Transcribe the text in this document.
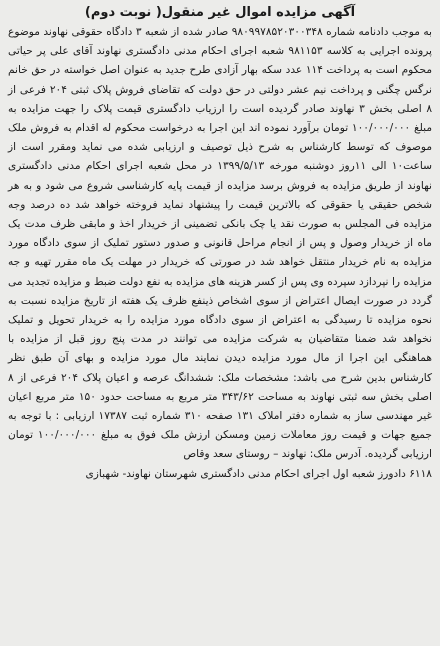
آگهی مزایده اموال غیر منقول( نوبت دوم)

به موجب دادنامه شماره ۹۸۰۹۹۷۸۵۲۰۳۰۰۳۴۸ صادر شده از شعبه ۳ دادگاه حقوقی نهاوند موضوع پرونده اجرایی به کلاسه ۹۸۱۱۵۳ شعبه اجرای احکام مدنی دادگستری نهاوند آقای علی پر حیاتی محکوم است به پرداخت ۱۱۴ عدد سکه بهار آزادی طرح جدید به عنوان اصل خواسته در حق خانم نرگس چگنی و پرداخت نیم عشر دولتی در حق دولت که تقاضای فروش پلاک ثبتی ۲۰۴ فرعی از ۸ اصلی بخش ۳ نهاوند صادر گردیده است را ارزیاب دادگستری قیمت پلاک را جهت مزایده به مبلغ ۱۰۰/۰۰۰/۰۰۰ تومان برآورد نموده اند این اجرا به درخواست محکوم له اقدام به فروش ملک موصوف که توسط کارشناس به شرح ذیل توصیف و ارزیابی شده می نماید ومقرر است از ساعت۱۰ الی ۱۱روز دوشنبه مورخه ۱۳۹۹/۵/۱۳ در محل شعبه اجرای احکام مدنی دادگستری نهاوند از طریق مزایده به فروش برسد مزایده از قیمت پایه کارشناسی شروع می شود و به هر شخص حقیقی یا حقوقی که بالاترین قیمت را پیشنهاد نماید فروخته خواهد شد ده درصد وجه مزایده فی المجلس به صورت نقد یا چک بانکی تضمینی از خریدار اخذ و مابقی ظرف مدت یک ماه از خریدار وصول و پس از انجام مراحل قانونی و صدور دستور تملیک از سوی دادگاه مورد مزایده به نام خریدار منتقل خواهد شد در صورتی که خریدار در مهلت یک ماه مقرر تهیه و جه مزایده را نپردازد سپرده وی پس از کسر هزینه های مزایده به نفع دولت ضبط و مزایده تجدید می گردد در صورت ایصال اعتراض از سوی اشخاص ذینفع ظرف یک هفته از تاریخ مزایده نسبت به نحوه مزایده تا رسیدگی به اعتراض از سوی دادگاه مورد مزایده را به خریدار تحویل و تملیک نخواهد شد ضمنا متقاضیان به شرکت مزایده می توانند در مدت پنج روز قبل از مزایده با هماهنگی این اجرا از مال مورد مزایده دیدن نمایند مال مورد مزایده و بهای آن طبق نظر کارشناس بدین شرح می باشد: مشخصات ملک: ششدانگ عرصه و اعیان پلاک ۲۰۴ فرعی از ۸ اصلی بخش سه ثبتی نهاوند به مساحت ۳۴۳/۶۲ متر مربع به مساحت حدود ۱۵۰ متر مربع اعیان غیر مهندسی ساز به شماره دفتر املاک ۱۳۱ صفحه ۳۱۰ شماره ثبت ۱۷۳۸۷ ارزیابی : با توجه به جمیع جهات و قیمت روز معاملات زمین ومسکن ارزش ملک فوق به مبلغ ۱۰۰/۰۰۰/۰۰۰ تومان ارزیابی گردیده. آدرس ملک: نهاوند – روستای سعد وقاص

۶۱۱۸ دادورز شعبه اول اجرای احکام مدنی دادگستری شهرستان نهاوند- شهبازی
